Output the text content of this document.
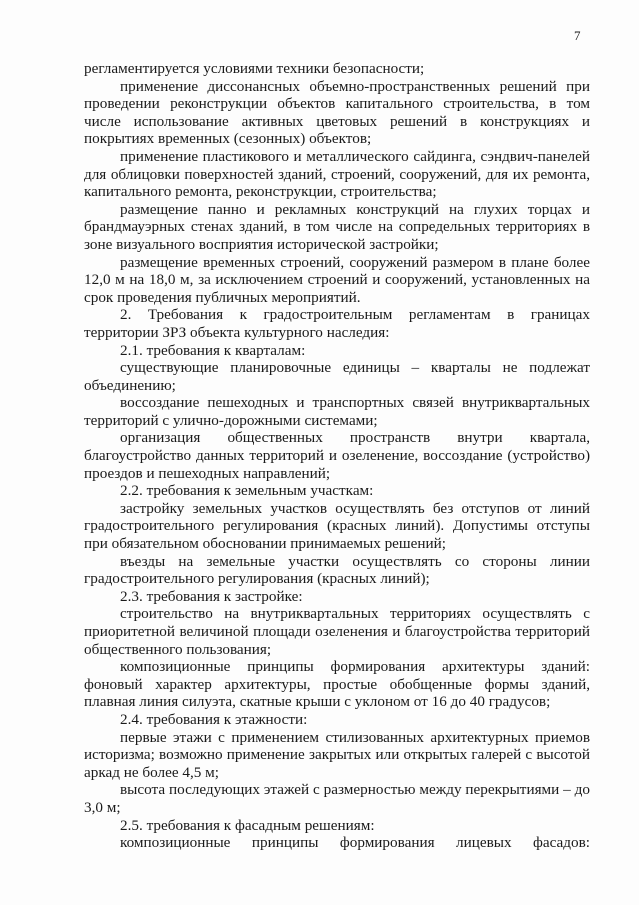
7

регламентируется условиями техники безопасности;

применение диссонансных объемно-пространственных решений при проведении реконструкции объектов капитального строительства, в том числе использование активных цветовых решений в конструкциях и покрытиях временных (сезонных) объектов;

применение пластикового и металлического сайдинга, сэндвич-панелей для облицовки поверхностей зданий, строений, сооружений, для их ремонта, капитального ремонта, реконструкции, строительства;

размещение панно и рекламных конструкций на глухих торцах и брандмауэрных стенах зданий, в том числе на сопредельных территориях в зоне визуального восприятия исторической застройки;

размещение временных строений, сооружений размером в плане более 12,0 м на 18,0 м, за исключением строений и сооружений, установленных на срок проведения публичных мероприятий.

2. Требования к градостроительным регламентам в границах территории ЗРЗ объекта культурного наследия:

2.1. требования к кварталам:

существующие планировочные единицы – кварталы не подлежат объединению;

воссоздание пешеходных и транспортных связей внутриквартальных территорий с улично-дорожными системами;

организация общественных пространств внутри квартала, благоустройство данных территорий и озеленение, воссоздание (устройство) проездов и пешеходных направлений;

2.2. требования к земельным участкам:

застройку земельных участков осуществлять без отступов от линий градостроительного регулирования (красных линий). Допустимы отступы при обязательном обосновании принимаемых решений;

въезды на земельные участки осуществлять со стороны линии градостроительного регулирования (красных линий);

2.3. требования к застройке:

строительство на внутриквартальных территориях осуществлять с приоритетной величиной площади озеленения и благоустройства территорий общественного пользования;

композиционные принципы формирования архитектуры зданий: фоновый характер архитектуры, простые обобщенные формы зданий, плавная линия силуэта, скатные крыши с уклоном от 16 до 40 градусов;

2.4. требования к этажности:

первые этажи с применением стилизованных архитектурных приемов историзма; возможно применение закрытых или открытых галерей с высотой аркад не более 4,5 м;

высота последующих этажей с размерностью между перекрытиями – до 3,0 м;

2.5. требования к фасадным решениям:

композиционные принципы формирования лицевых фасадов:
